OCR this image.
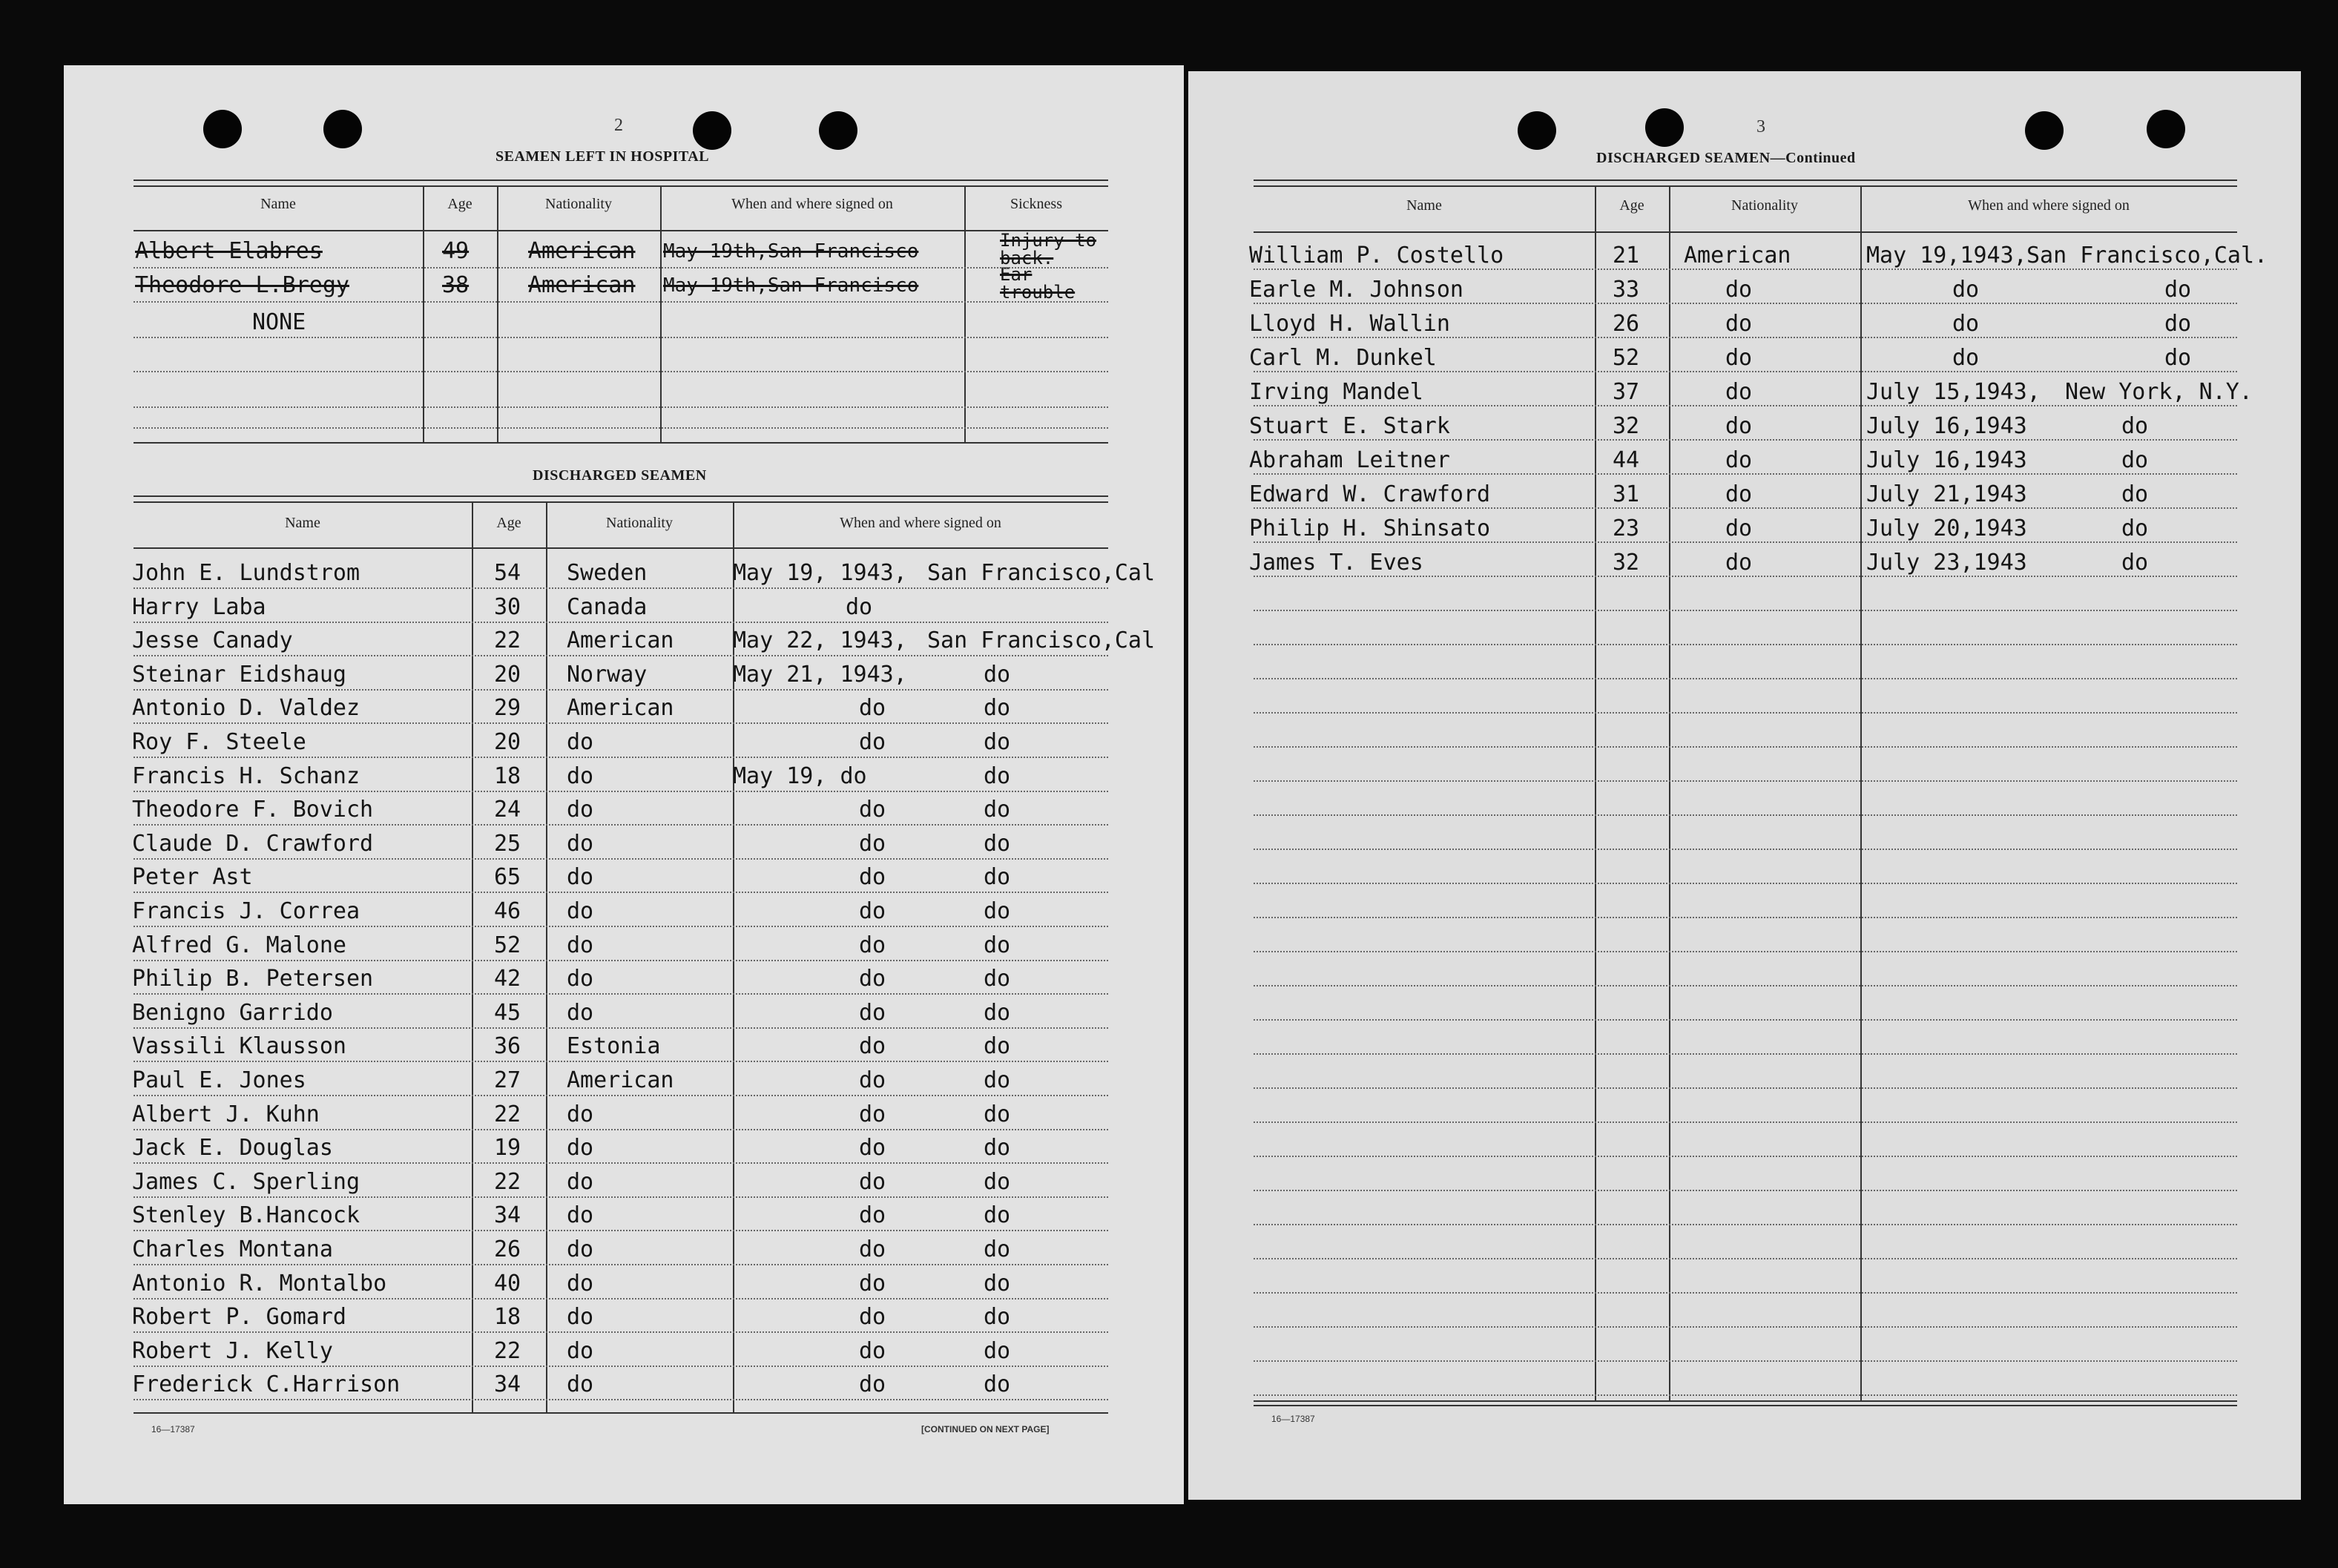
2
SEAMEN LEFT IN HOSPITAL
Name	Age	Nationality	When and where signed on	Sickness
Albert Elabres	49	American May 19th,San Francisco	Injury to back.
Theodore L.Bregy	38	American May 19th,San Francisco	Ear trouble
NONE
DISCHARGED SEAMEN
Name	Age	Nationality	When and where signed on
John E. Lundstrom	54 Sweden	May 19, 1943, San Francisco,Cal
Harry Laba	30 Canada	do
Jesse Canady	22 American	May 22, 1943, San Francisco,Cal
Steinar Eidshaug	20 Norway	May 21, 1943,	do
Antonio D. Valdez	29 American	do	do
Roy F. Steele	20 do	do	do
Francis H. Schanz	18 do	May 19, do	do
Theodore F. Bovich	24 do	do	do
Claude D. Crawford	25 do	do	do
Peter Ast	65 do	do	do
Francis J. Correa	46 do	do	do
Alfred G. Malone	52 do	do	do
Philip B. Petersen	42 do	do	do
Benigno Garrido	45 do	do	do
Vassili Klausson	36 Estonia	do	do
Paul E. Jones	27 American	do	do
Albert J. Kuhn	22 do	do	do
Jack E. Douglas	19 do	do	do
James C. Sperling	22 do	do	do
Stenley B.Hancock	34 do	do	do
Charles Montana	26 do	do	do
Antonio R. Montalbo	40 do	do	do
Robert P. Gomard	18 do	do	do
Robert J. Kelly	22 do	do	do
Frederick C.Harrison	34 do	do	do
16—17387	[CONTINUED ON NEXT PAGE]
3
DISCHARGED SEAMEN—Continued
Name	Age	Nationality	When and where signed on
William P. Costello	21 American	May 19,1943, San Francisco,Cal.
Earle M. Johnson	33	do	do	do
Lloyd H. Wallin	26	do	do	do
Carl M. Dunkel	52	do	do	do
Irving Mandel	37	do	July 15,1943, New York, N.Y.
Stuart E. Stark	32	do	July 16,1943	do
Abraham Leitner	44	do	July 16,1943	do
Edward W. Crawford	31	do	July 21,1943	do
Philip H. Shinsato	23	do	July 20,1943	do
James T. Eves	32	do	July 23,1943	do
16—17387
